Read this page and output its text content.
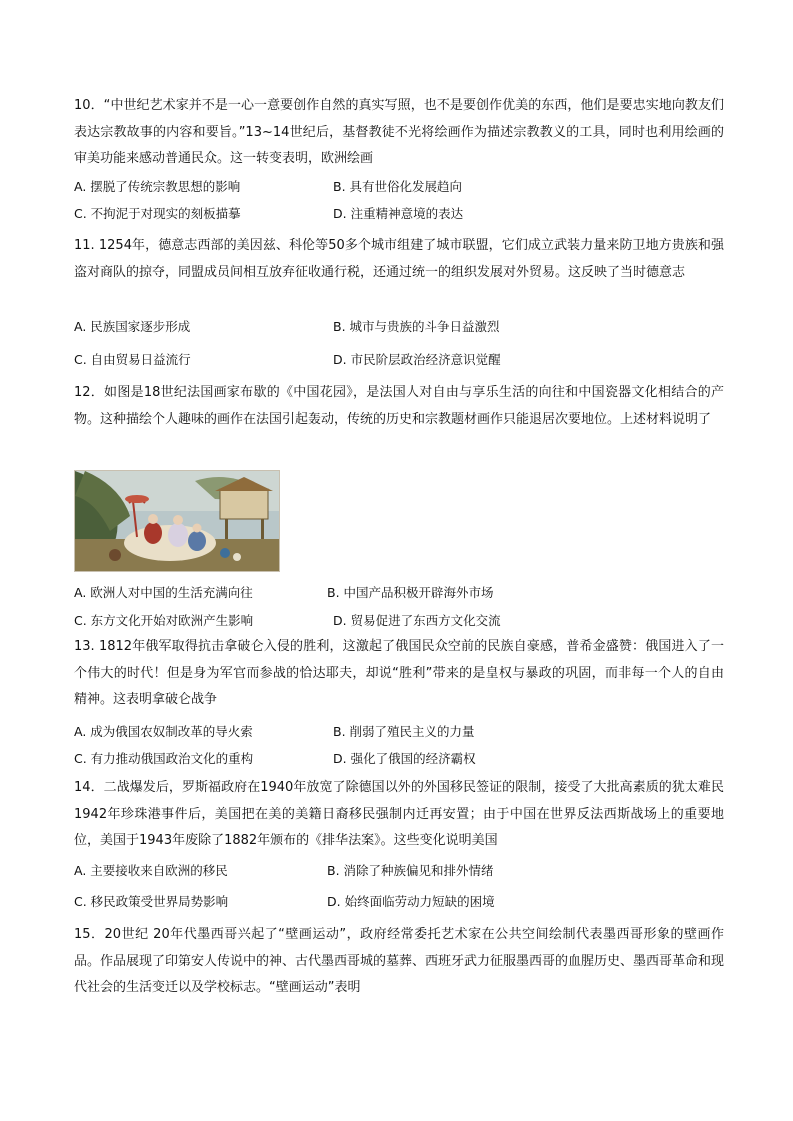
10．“中世纪艺术家并不是一心一意要创作自然的真实写照，也不是要创作优美的东西，他们是要忠实地向教友们表达宗教故事的内容和要旨。”13~14世纪后，基督教徒不光将绘画作为描述宗教教义的工具，同时也利用绘画的审美功能来感动普通民众。这一转变表明，欧洲绘画

A. 摆脱了传统宗教思想的影响	B. 具有世俗化发展趋向
C. 不拘泥于对现实的刻板描摹	D. 注重精神意境的表达

11. 1254年，德意志西部的美因兹、科伦等50多个城市组建了城市联盟，它们成立武装力量来防卫地方贵族和强盗对商队的掠夺，同盟成员间相互放弃征收通行税，还通过统一的组织发展对外贸易。这反映了当时德意志

A. 民族国家逐步形成	B. 城市与贵族的斗争日益激烈
C. 自由贸易日益流行	D. 市民阶层政治经济意识觉醒

12．如图是18世纪法国画家布歇的《中国花园》，是法国人对自由与享乐生活的向往和中国瓷器文化相结合的产物。这种描绘个人趣味的画作在法国引起轰动，传统的历史和宗教题材画作只能退居次要地位。上述材料说明了

A. 欧洲人对中国的生活充满向往	B. 中国产品积极开辟海外市场
C. 东方文化开始对欧洲产生影响	D. 贸易促进了东西方文化交流

13. 1812年俄军取得抗击拿破仑入侵的胜利，这激起了俄国民众空前的民族自豪感，普希金盛赞：俄国进入了一个伟大的时代！但是身为军官而参战的恰达耶夫，却说“胜利”带来的是皇权与暴政的巩固，而非每一个人的自由精神。这表明拿破仑战争

A. 成为俄国农奴制改革的导火索	B. 削弱了殖民主义的力量
C. 有力推动俄国政治文化的重构	D. 强化了俄国的经济霸权

14．二战爆发后，罗斯福政府在1940年放宽了除德国以外的外国移民签证的限制，接受了大批高素质的犹太难民 1942年珍珠港事件后，美国把在美的美籍日裔移民强制内迁再安置；由于中国在世界反法西斯战场上的重要地位，美国于1943年废除了1882年颁布的《排华法案》。这些变化说明美国

A. 主要接收来自欧洲的移民	B. 消除了种族偏见和排外情绪
C. 移民政策受世界局势影响	D. 始终面临劳动力短缺的困境

15．20世纪 20年代墨西哥兴起了“壁画运动”，政府经常委托艺术家在公共空间绘制代表墨西哥形象的壁画作品。作品展现了印第安人传说中的神、古代墨西哥城的墓葬、西班牙武力征服墨西哥的血腥历史、墨西哥革命和现代社会的生活变迁以及学校标志。“壁画运动”表明
